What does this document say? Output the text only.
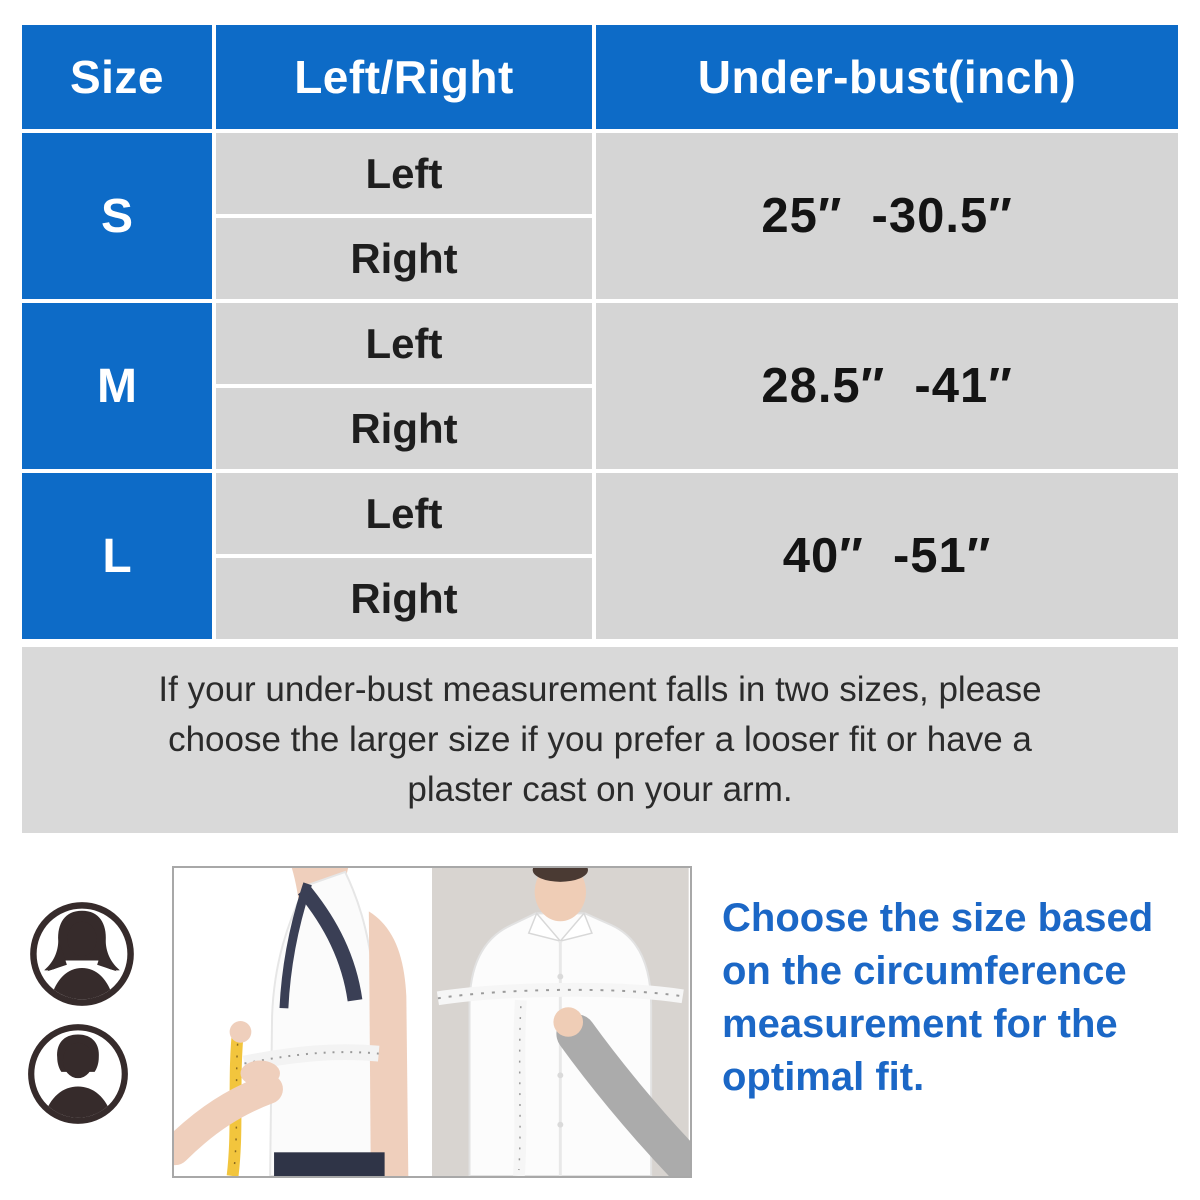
Size	Left/Right	Under-bust(inch)
S
Left
Right
25″  -30.5″
M
Left
Right
28.5″  -41″
L
Left
Right
40″  -51″
If your under-bust measurement falls in two sizes, please
choose the larger size if you prefer a looser fit or have a
plaster cast on your arm.
Choose the size based
on the circumference
measurement for the
optimal fit.
